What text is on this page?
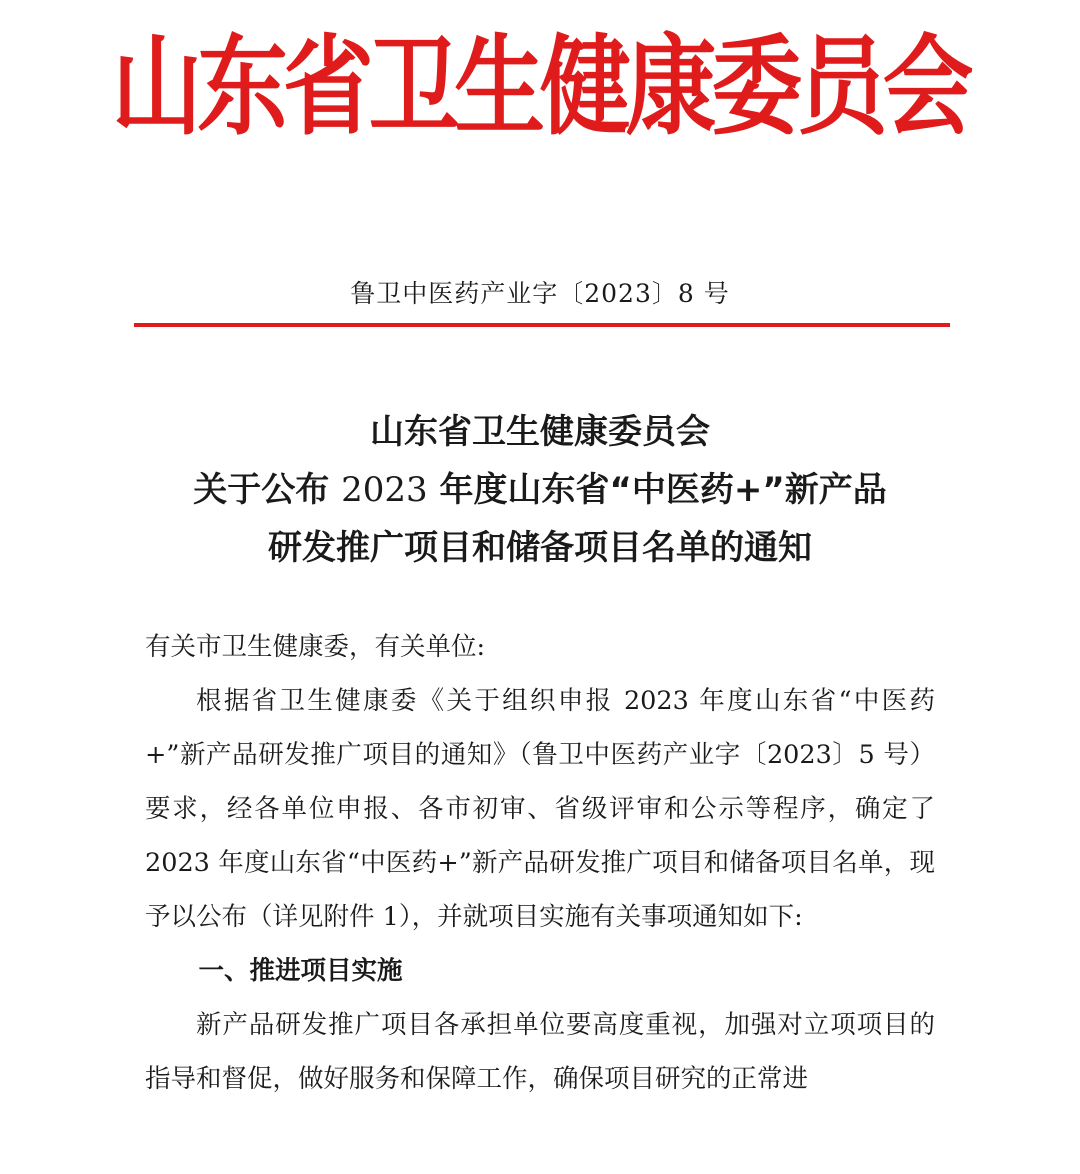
山东省卫生健康委员会
鲁卫中医药产业字〔2023〕8 号
山东省卫生健康委员会
关于公布 2023 年度山东省“中医药+”新产品
研发推广项目和储备项目名单的通知

有关市卫生健康委，有关单位:

根据省卫生健康委《关于组织申报 2023 年度山东省“中医药+”新产品研发推广项目的通知》（鲁卫中医药产业字〔2023〕5 号）要求，经各单位申报、各市初审、省级评审和公示等程序，确定了 2023 年度山东省“中医药+”新产品研发推广项目和储备项目名单，现予以公布（详见附件 1），并就项目实施有关事项通知如下:

一、推进项目实施

新产品研发推广项目各承担单位要高度重视，加强对立项项目的指导和督促，做好服务和保障工作，确保项目研究的正常进
